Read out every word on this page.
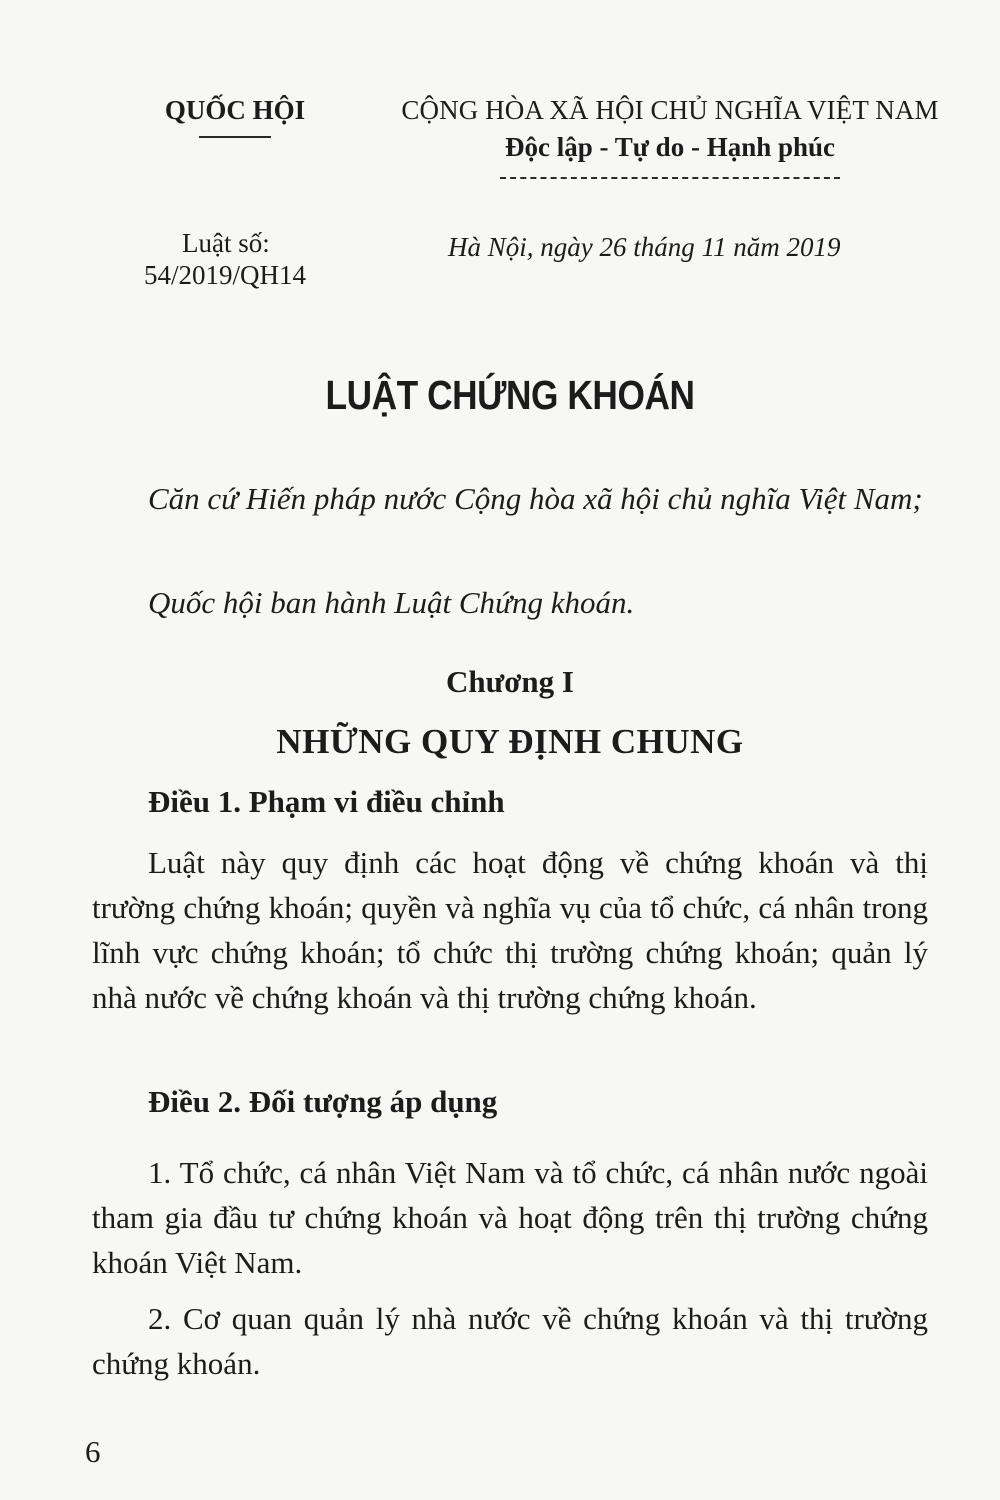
QUỐC HỘI	CỘNG HÒA XÃ HỘI CHỦ NGHĨA VIỆT NAM
Độc lập - Tự do - Hạnh phúc
Luật số:
54/2019/QH14
Hà Nội, ngày 26 tháng 11 năm 2019
LUẬT CHỨNG KHOÁN
Căn cứ Hiến pháp nước Cộng hòa xã hội chủ nghĩa Việt Nam;
Quốc hội ban hành Luật Chứng khoán.
Chương I
NHỮNG QUY ĐỊNH CHUNG
Điều 1. Phạm vi điều chỉnh
Luật này quy định các hoạt động về chứng khoán và thị trường chứng khoán; quyền và nghĩa vụ của tổ chức, cá nhân trong lĩnh vực chứng khoán; tổ chức thị trường chứng khoán; quản lý nhà nước về chứng khoán và thị trường chứng khoán.
Điều 2. Đối tượng áp dụng
1. Tổ chức, cá nhân Việt Nam và tổ chức, cá nhân nước ngoài tham gia đầu tư chứng khoán và hoạt động trên thị trường chứng khoán Việt Nam.
2. Cơ quan quản lý nhà nước về chứng khoán và thị trường chứng khoán.
6
